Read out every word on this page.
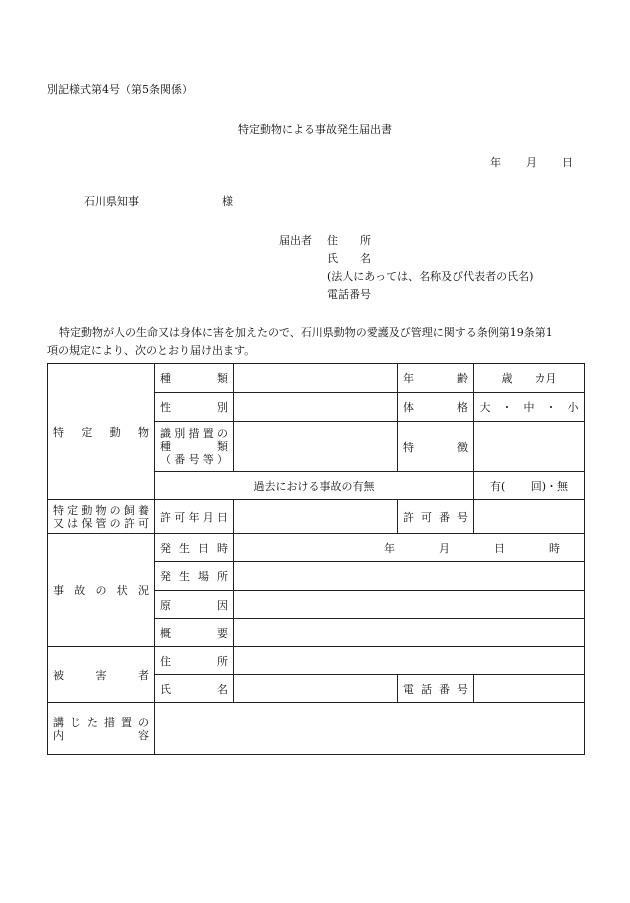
別記様式第4号（第5条関係）
特定動物による事故発生届出書
年 月 日
石川県知事	様
届出者 住　　所
氏　　名
(法人にあっては、名称及び代表者の氏名)
電話番号
特定動物が人の生命又は身体に害を加えたので、石川県動物の愛護及び管理に関する条例第19条第1
項の規定により、次のとおり届け出ます。
特定動物	種類		年齢	歳　　カ月

	性別		体格	大　・　中　・　小

	識別措置の
種類
（番号等）		特徴	

	過去における事故の有無			有(　　 回)・無

特定動物の飼養
又は保管の許可	許可年月日		許可番号	

事故の状況	発生日時	年　　　　月　　　　日　　　　時		

	発生場所			

	原因			

	概要			

被害者	住所			

	氏名		電話番号	

講じた措置の
内容				
